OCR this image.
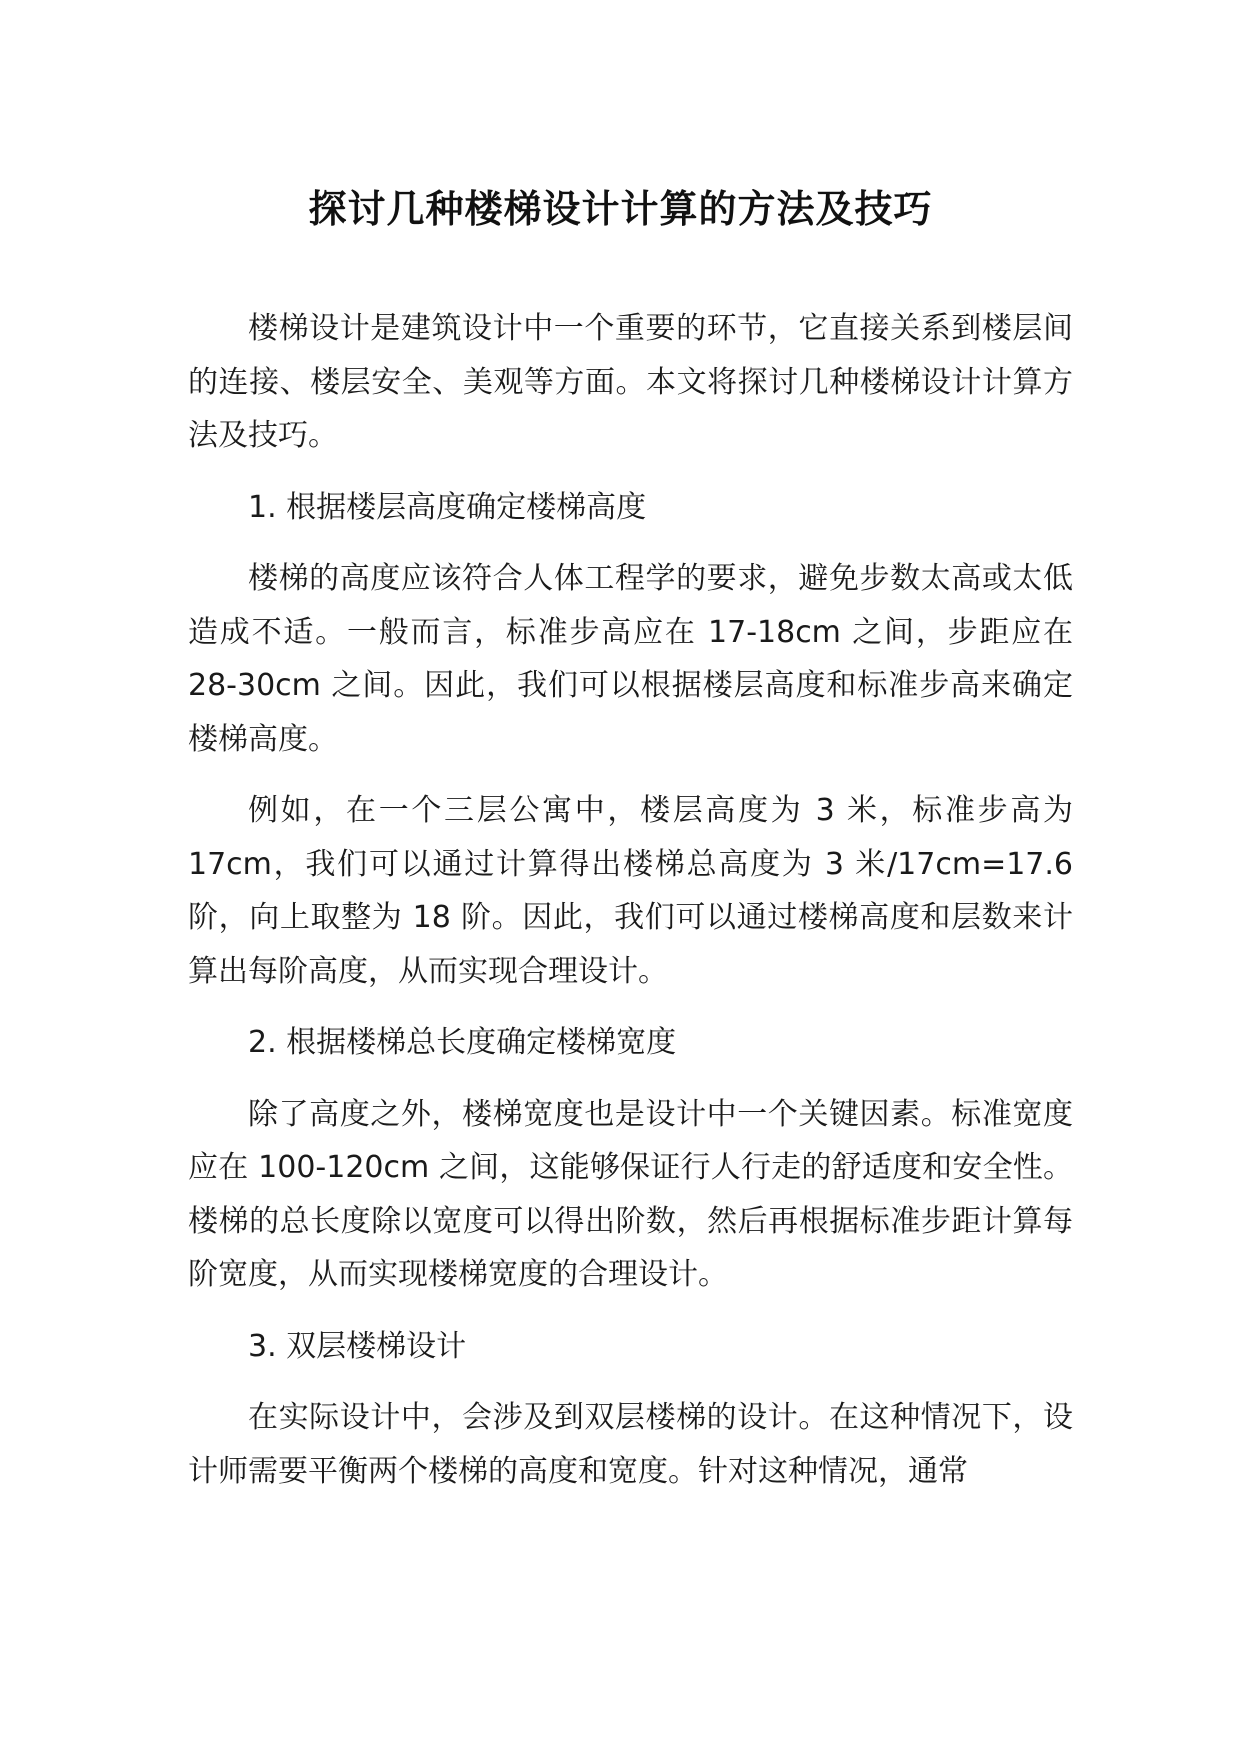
探讨几种楼梯设计计算的方法及技巧

楼梯设计是建筑设计中一个重要的环节，它直接关系到楼层间的连接、楼层安全、美观等方面。本文将探讨几种楼梯设计计算方法及技巧。

1. 根据楼层高度确定楼梯高度

楼梯的高度应该符合人体工程学的要求，避免步数太高或太低造成不适。一般而言，标准步高应在 17-18cm 之间，步距应在 28-30cm 之间。因此，我们可以根据楼层高度和标准步高来确定楼梯高度。

例如，在一个三层公寓中，楼层高度为 3 米，标准步高为 17cm，我们可以通过计算得出楼梯总高度为 3 米/17cm=17.6 阶，向上取整为 18 阶。因此，我们可以通过楼梯高度和层数来计算出每阶高度，从而实现合理设计。

2. 根据楼梯总长度确定楼梯宽度

除了高度之外，楼梯宽度也是设计中一个关键因素。标准宽度应在 100-120cm 之间，这能够保证行人行走的舒适度和安全性。楼梯的总长度除以宽度可以得出阶数，然后再根据标准步距计算每阶宽度，从而实现楼梯宽度的合理设计。

3. 双层楼梯设计

在实际设计中，会涉及到双层楼梯的设计。在这种情况下，设计师需要平衡两个楼梯的高度和宽度。针对这种情况，通常
